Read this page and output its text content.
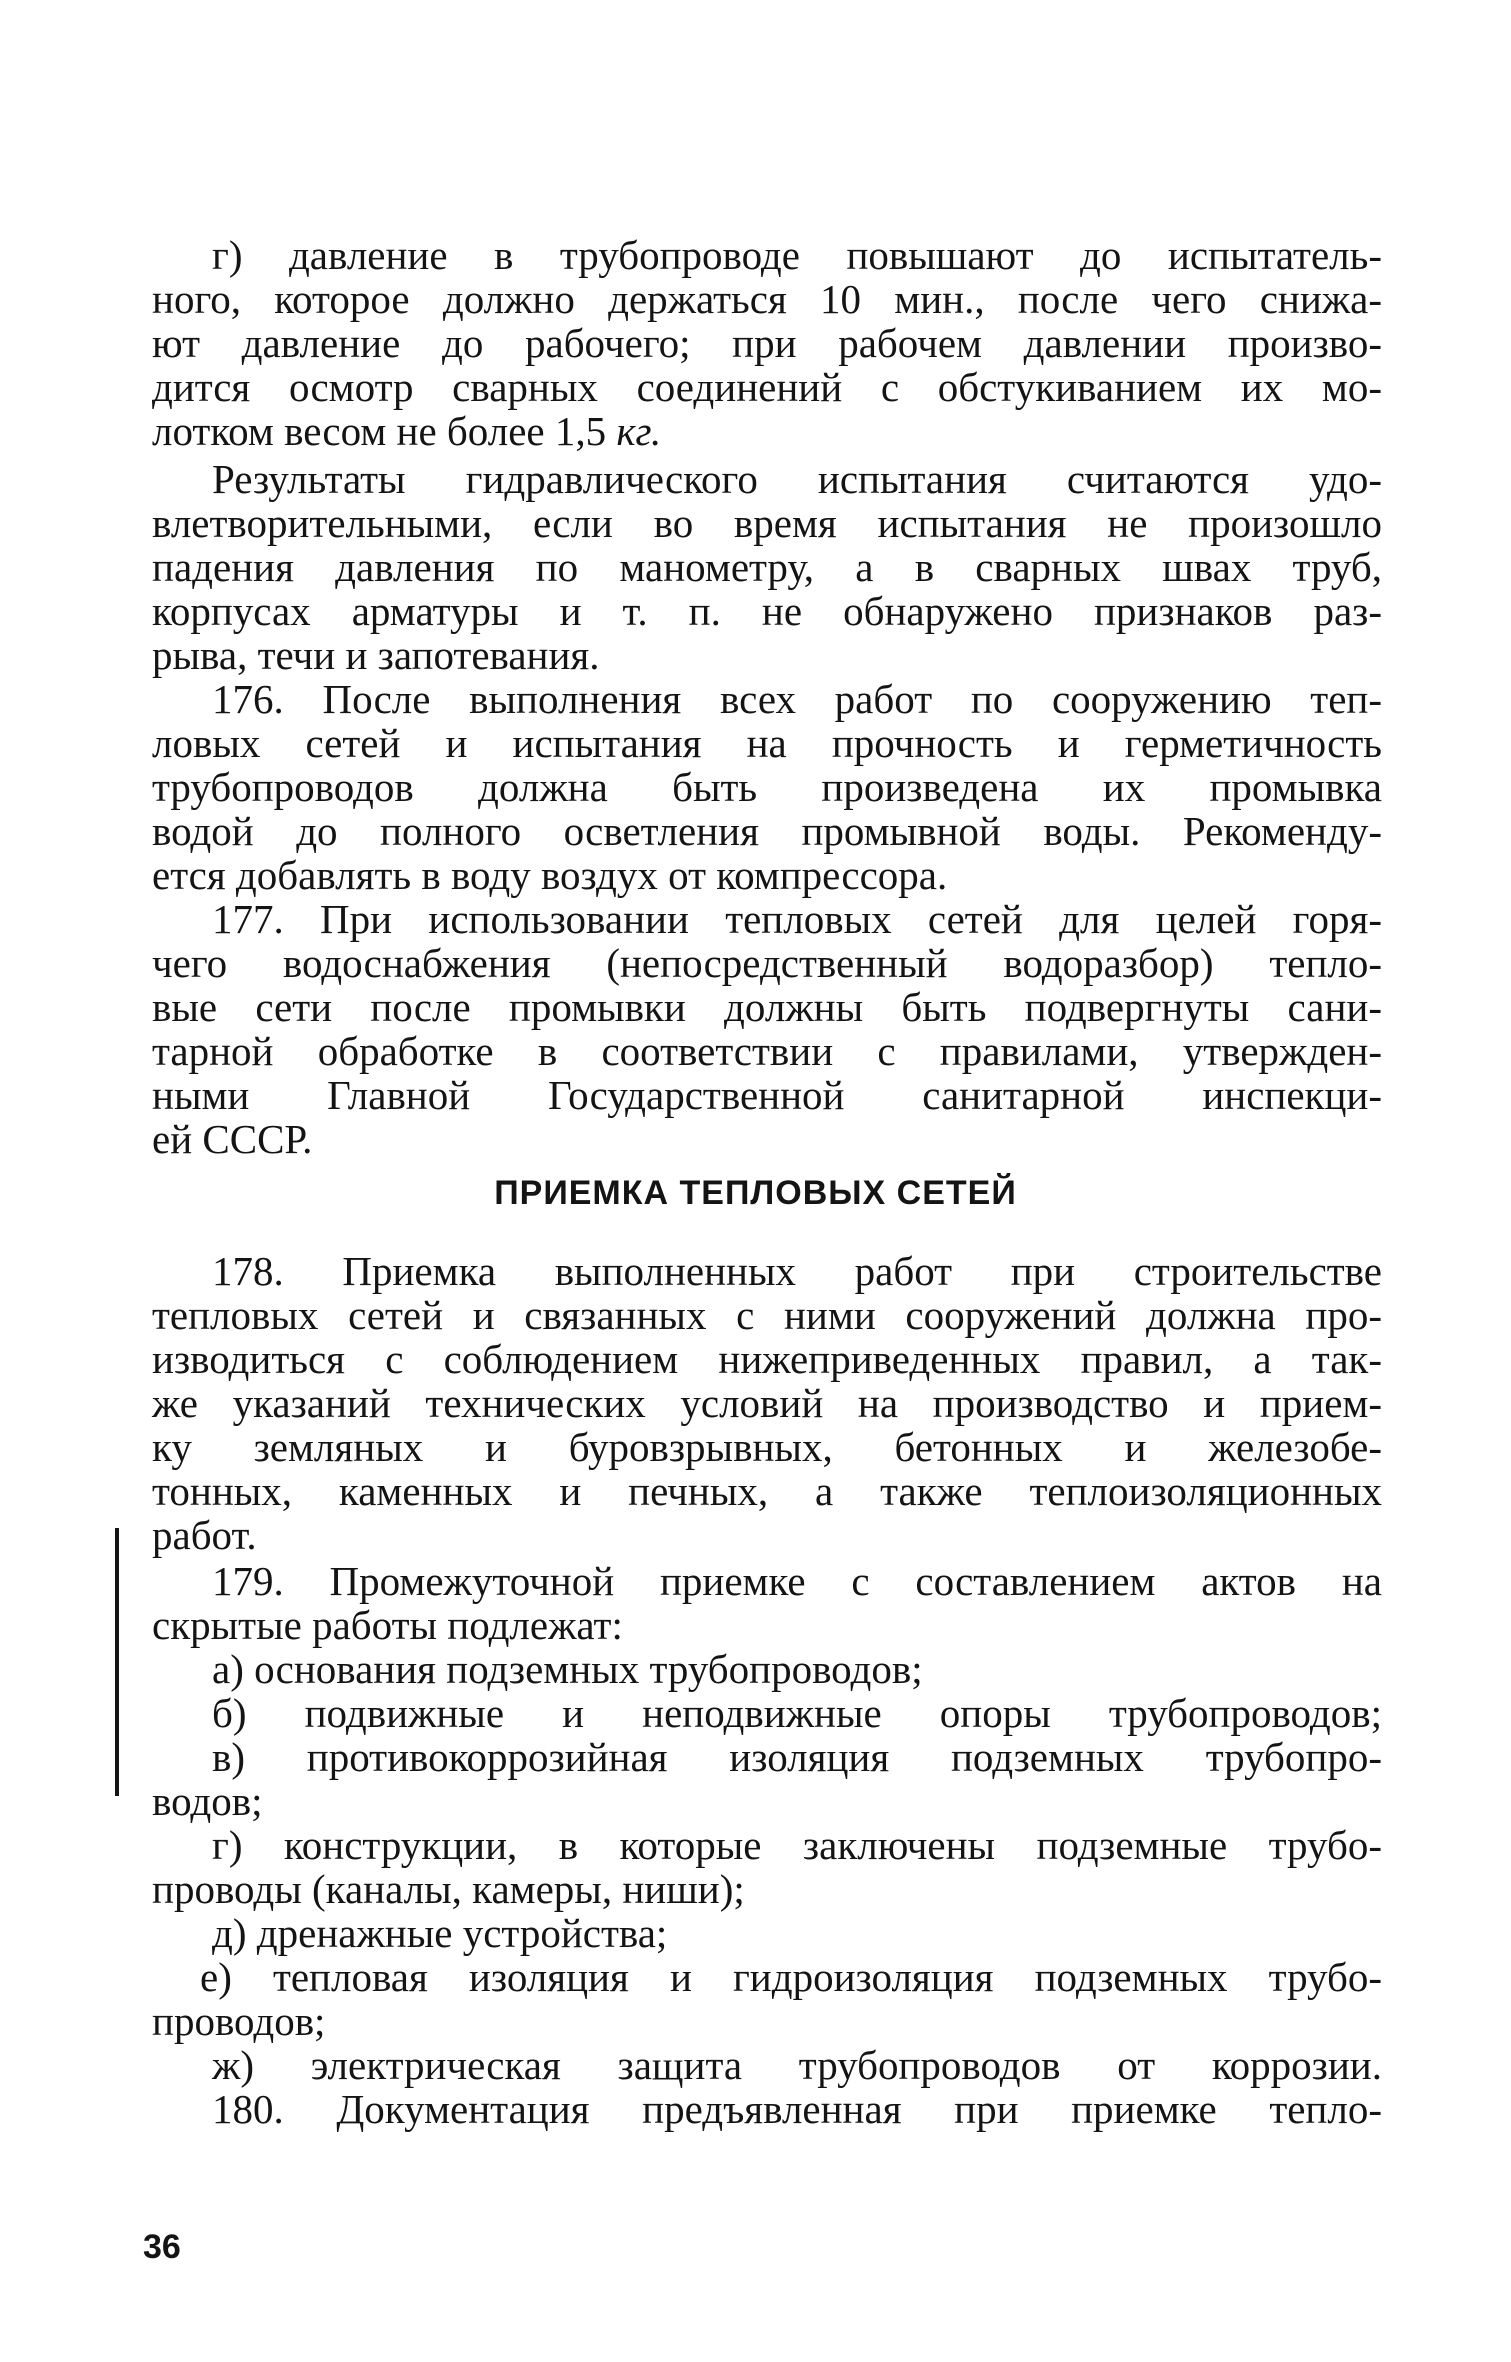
г) давление в трубопроводе повышают до испытатель-
ного, которое должно держаться 10 мин., после чего снижа-
ют давление до рабочего; при рабочем давлении произво-
дится осмотр сварных соединений с обстукиванием их мо-
лотком весом не более 1,5 кг.
Результаты гидравлического испытания считаются удо-
влетворительными, если во время испытания не произошло
падения давления по манометру, а в сварных швах труб,
корпусах арматуры и т. п. не обнаружено признаков раз-
рыва, течи и запотевания.
176. После выполнения всех работ по сооружению теп-
ловых сетей и испытания на прочность и герметичность
трубопроводов должна быть произведена их промывка
водой до полного осветления промывной воды. Рекоменду-
ется добавлять в воду воздух от компрессора.
177. При использовании тепловых сетей для целей горя-
чего водоснабжения (непосредственный водоразбор) тепло-
вые сети после промывки должны быть подвергнуты сани-
тарной обработке в соответствии с правилами, утвержден-
ными Главной Государственной санитарной инспекци-
ей СССР.
178. Приемка выполненных работ при строительстве
тепловых сетей и связанных с ними сооружений должна про-
изводиться с соблюдением нижеприведенных правил, а так-
же указаний технических условий на производство и прием-
ку земляных и буровзрывных, бетонных и железобе-
тонных, каменных и печных, а также теплоизоляционных
работ.
179. Промежуточной приемке с составлением актов на
скрытые работы подлежат:
а) основания подземных трубопроводов;
б) подвижные и неподвижные опоры трубопроводов;
в) противокоррозийная изоляция подземных трубопро-
водов;
г) конструкции, в которые заключены подземные трубо-
проводы (каналы, камеры, ниши);
д) дренажные устройства;
е) тепловая изоляция и гидроизоляция подземных трубо-
проводов;
ж) электрическая защита трубопроводов от коррозии.
180. Документация предъявленная при приемке тепло-
ПРИЕМКА ТЕПЛОВЫХ СЕТЕЙ
36
